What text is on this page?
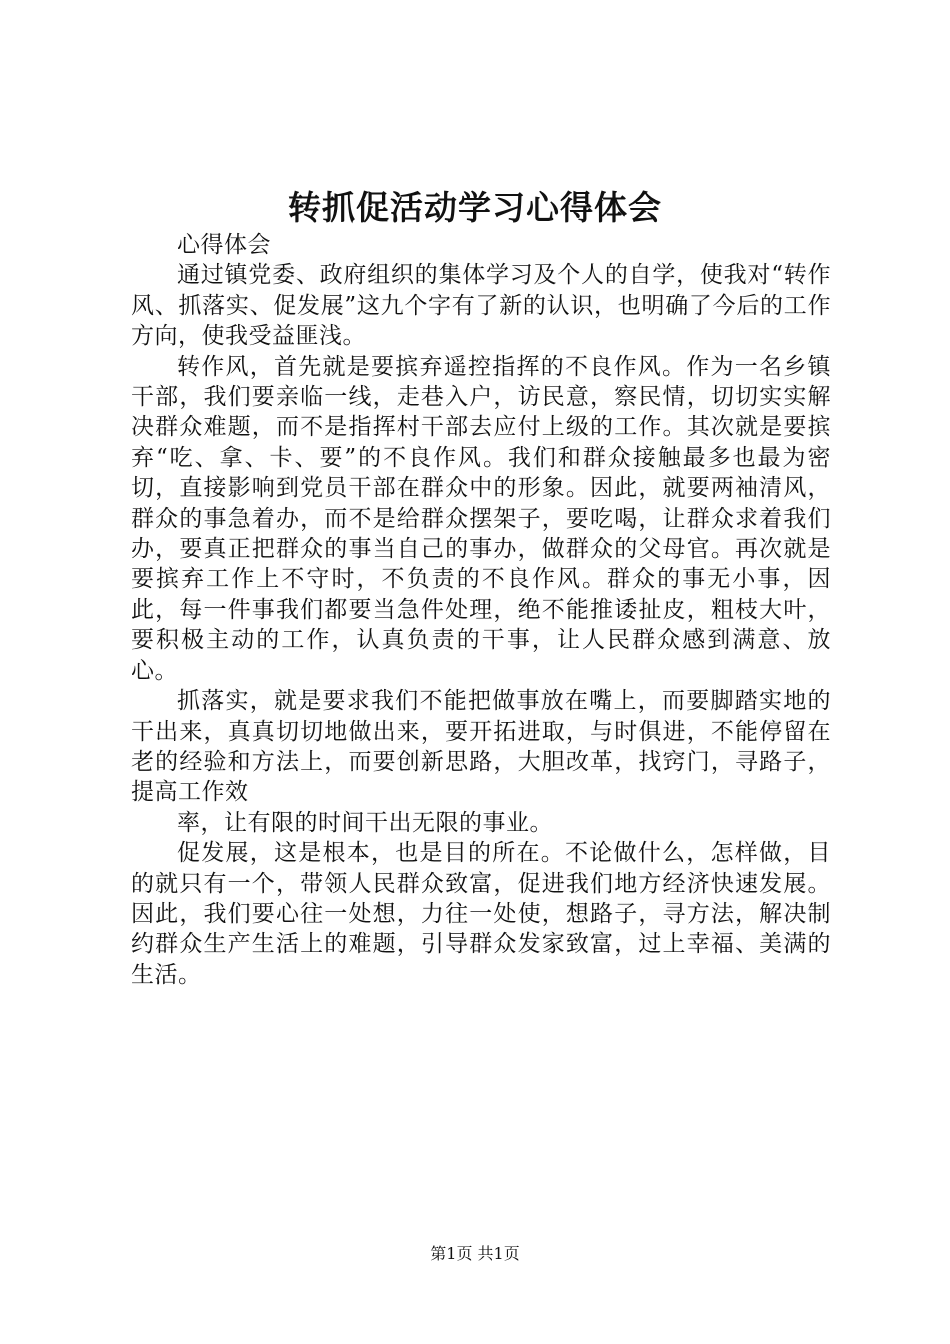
转抓促活动学习心得体会

心得体会

通过镇党委、政府组织的集体学习及个人的自学，使我对“转作风、抓落实、促发展”这九个字有了新的认识，也明确了今后的工作方向，使我受益匪浅。

转作风，首先就是要摈弃遥控指挥的不良作风。作为一名乡镇干部，我们要亲临一线，走巷入户，访民意，察民情，切切实实解决群众难题，而不是指挥村干部去应付上级的工作。其次就是要摈弃“吃、拿、卡、要”的不良作风。我们和群众接触最多也最为密切，直接影响到党员干部在群众中的形象。因此，就要两袖清风，群众的事急着办，而不是给群众摆架子，要吃喝，让群众求着我们办，要真正把群众的事当自己的事办，做群众的父母官。再次就是要摈弃工作上不守时，不负责的不良作风。群众的事无小事，因此，每一件事我们都要当急件处理，绝不能推诿扯皮，粗枝大叶，要积极主动的工作，认真负责的干事，让人民群众感到满意、放心。

抓落实，就是要求我们不能把做事放在嘴上，而要脚踏实地的干出来，真真切切地做出来，要开拓进取，与时俱进，不能停留在老的经验和方法上，而要创新思路，大胆改革，找窍门，寻路子，提高工作效

率，让有限的时间干出无限的事业。

促发展，这是根本，也是目的所在。不论做什么，怎样做，目的就只有一个，带领人民群众致富，促进我们地方经济快速发展。因此，我们要心往一处想，力往一处使，想路子，寻方法，解决制约群众生产生活上的难题，引导群众发家致富，过上幸福、美满的生活。

第1页 共1页
